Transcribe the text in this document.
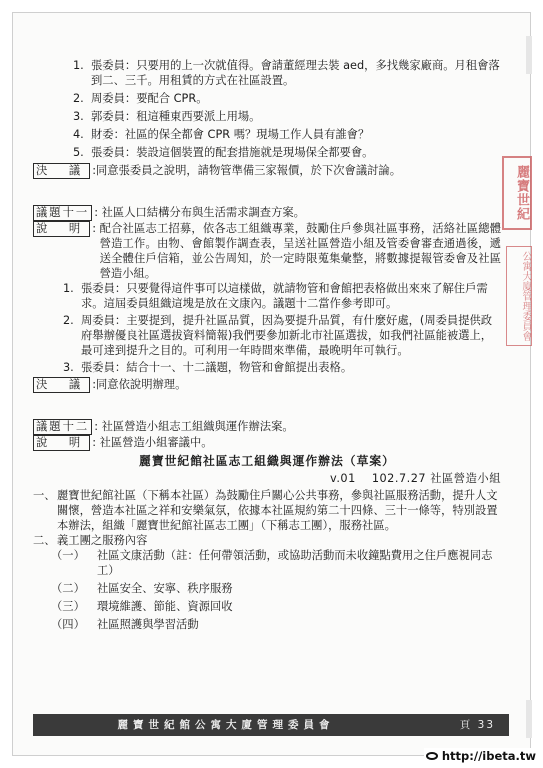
1. 張委員：只要用的上一次就值得。會請董經理去裝 aed，多找幾家廠商。月租會落到二、三千。用租賃的方式在社區設置。
2. 周委員：要配合 CPR。
3. 郭委員：租這種東西要派上用場。
4. 財委：社區的保全都會 CPR 嗎？現場工作人員有誰會？
5. 張委員：裝設這個裝置的配套措施就是現場保全都要會。
決 議 : 同意張委員之說明，請物管準備三家報價，於下次會議討論。
議題十一 : 社區人口結構分布與生活需求調查方案。
說 明 : 配合社區志工招募，依各志工組織專業，鼓勵住戶參與社區事務，活絡社區總體營造工作。由物、會館製作調查表，呈送社區營造小組及管委會審查通過後，遞送全體住戶信箱，並公告周知，於一定時限蒐集彙整，將數據提報管委會及社區營造小組。
1. 張委員：只要覺得這件事可以這樣做，就請物管和會館把表格做出來來了解住戶需求。這屆委員組織這塊是放在文康內。議題十二當作參考即可。
2. 周委員：主要提到，提升社區品質，因為要提升品質，有什麼好處，(周委員提供政府舉辦優良社區選拔資料簡報)我們要參加新北市社區選拔，如我們社區能被選上，最可達到提升之目的。可利用一年時間來準備，最晚明年可執行。
3. 張委員：結合十一、十二議題，物管和會館提出表格。
決 議 : 同意依說明辦理。
議題十二 : 社區營造小組志工組織與運作辦法案。
說 明 : 社區營造小組審議中。
麗寶世紀館社區志工組織與運作辦法（草案）
v.01 102.7.27 社區營造小組
一、 麗寶世紀館社區（下稱本社區）為鼓勵住戶關心公共事務，參與社區服務活動，提升人文關懷，營造本社區之祥和安樂氣氛，依據本社區規約第二十四條、三十一條等，特別設置本辦法，組織「麗寶世紀館社區志工團」（下稱志工團），服務社區。
二、 義工團之服務內容
（一）	社區文康活動（註：任何帶領活動，或協助活動而未收鐘點費用之住戶應視同志工）
（二）	社區安全、安寧、秩序服務
（三）	環境維護、節能、資源回收
（四）	社區照護與學習活動
麗寶世紀
公寓大廈管理委員會
麗寶世紀館公寓大廈管理委員會	頁 33
http://ibeta.tw
